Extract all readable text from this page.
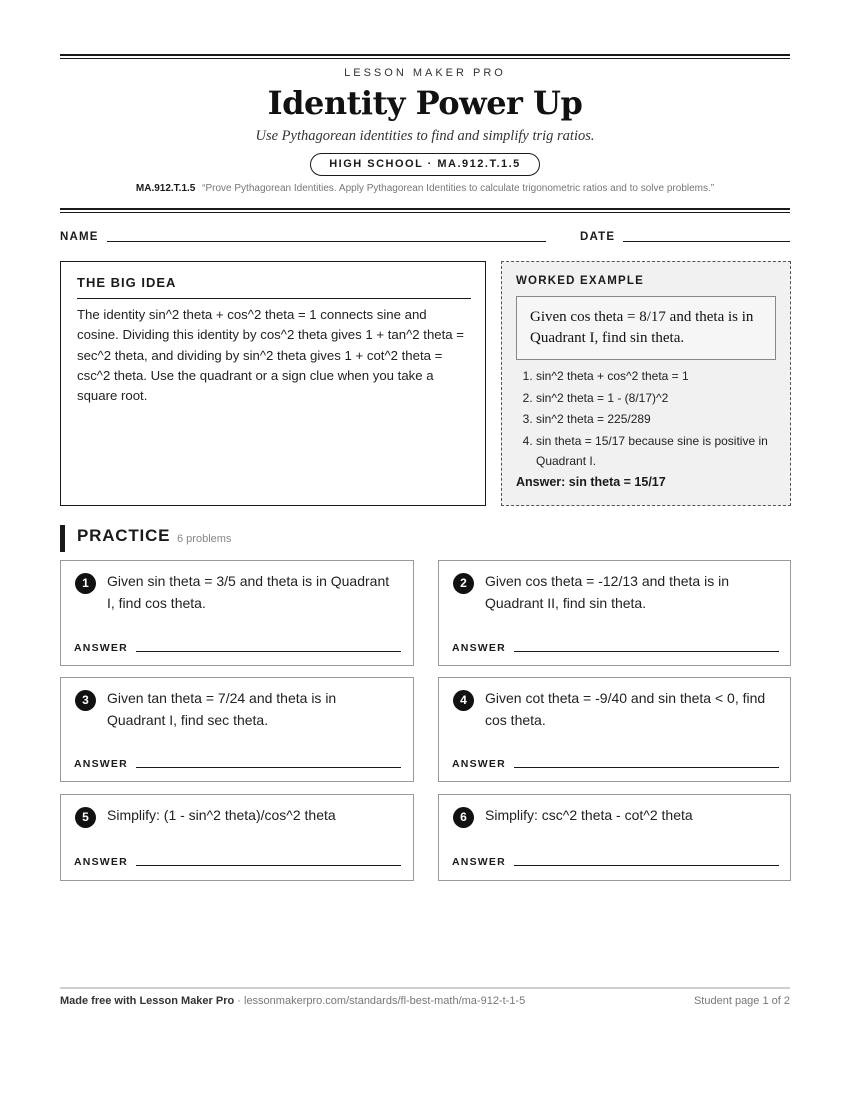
LESSON MAKER PRO
Identity Power Up
Use Pythagorean identities to find and simplify trig ratios.
HIGH SCHOOL · MA.912.T.1.5
MA.912.T.1.5 “Prove Pythagorean Identities. Apply Pythagorean Identities to calculate trigonometric ratios and to solve problems.”
NAME	DATE
THE BIG IDEA
The identity sin^2 theta + cos^2 theta = 1 connects sine and cosine. Dividing this identity by cos^2 theta gives 1 + tan^2 theta = sec^2 theta, and dividing by sin^2 theta gives 1 + cot^2 theta = csc^2 theta. Use the quadrant or a sign clue when you take a square root.
WORKED EXAMPLE
Given cos theta = 8/17 and theta is in Quadrant I, find sin theta.
1. sin^2 theta + cos^2 theta = 1
2. sin^2 theta = 1 - (8/17)^2
3. sin^2 theta = 225/289
4. sin theta = 15/17 because sine is positive in Quadrant I.
Answer: sin theta = 15/17
PRACTICE 6 problems
1	Given sin theta = 3/5 and theta is in Quadrant I, find cos theta.
ANSWER
2	Given cos theta = -12/13 and theta is in Quadrant II, find sin theta.
ANSWER
3	Given tan theta = 7/24 and theta is in Quadrant I, find sec theta.
ANSWER
4	Given cot theta = -9/40 and sin theta < 0, find cos theta.
ANSWER
5	Simplify: (1 - sin^2 theta)/cos^2 theta
ANSWER
6	Simplify: csc^2 theta - cot^2 theta
ANSWER
Made free with Lesson Maker Pro · lessonmakerpro.com/standards/fl-best-math/ma-912-t-1-5	Student page 1 of 2
